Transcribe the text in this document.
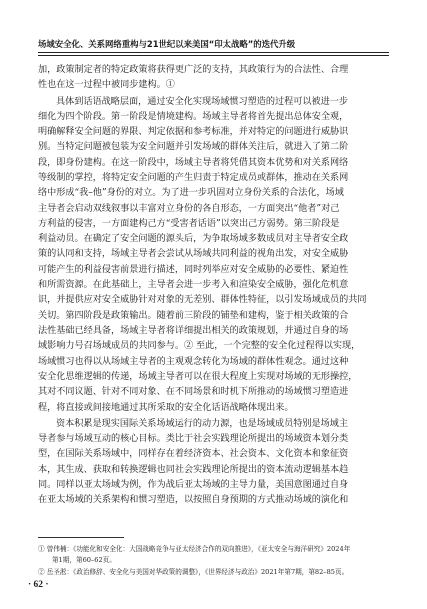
场域安全化、关系网络重构与21世纪以来美国“印太战略”的迭代升级
加，政策制定者的特定政策将获得更广泛的支持，其政策行为的合法性、合理
性也在这一过程中被同步建构。①
具体到话语战略层面，通过安全化实现场域惯习塑造的过程可以被进一步
细化为四个阶段。第一阶段是情境建构。场域主导者将首先提出总体安全观，
明确解释安全问题的界限、判定依据和参考标准，并对特定的问题进行威胁识
别。当特定问题被包装为安全问题并引发场域的群体关注后，就进入了第二阶
段，即身份建构。在这一阶段中，场域主导者将凭借其资本优势和对关系网络
等级制的掌控，将特定安全问题的产生归责于特定成员或群体，推动在关系网
络中形成“我–他”身份的对立。为了进一步巩固对立身份关系的合法化，场域
主导者会启动双线叙事以丰富对立身份的各自形态，一方面突出“他者”对己
方利益的侵害，一方面建构己方“受害者话语”以突出己方弱势。第三阶段是
利益动员。在确定了安全问题的源头后，为争取场域多数成员对主导者安全政
策的认同和支持，场域主导者会尝试从场域共同利益的视角出发，对安全威胁
可能产生的利益侵害前景进行描述，同时列举应对安全威胁的必要性、紧迫性
和所需资源。在此基础上，主导者会进一步考入和渲染安全威胁，强化危机意
识，并提供应对安全威胁针对对象的无差别、群体性特征，以引发场域成员的共同
关切。第四阶段是政策输出。随着前三阶段的铺垫和建构，鉴于相关政策的合
法性基础已经具备，场域主导者将详细提出相关的政策规划，并通过自身的场
域影响力号召场域成员的共同参与。② 至此，一个完整的安全化过程得以实现，
场域惯习也得以从场域主导者的主观观念转化为场域的群体性观念。通过这种
安全化思维逻辑的传递，场域主导者可以在很大程度上实现对场域的无形操控，
其对不同议题、针对不同对象、在不同场景和时机下所推动的场域惯习塑造进
程，将直接或间接地通过其所采取的安全化话语战略体现出来。
资本积累是现实国际关系场域运行的动力源，也是场域成员特别是场域主
导者参与场域互动的核心目标。类比于社会实践理论所提出的场域资本划分类
型，在国际关系场域中，同样存在着经济资本、社会资本、文化资本和象征资
本，其生成、获取和转换逻辑也同社会实践理论所提出的资本流动逻辑基本趋
同。同样以亚太场域为例，作为战后亚太场域的主导力量，美国意图通过自身
在亚太场域的关系架构和惯习塑造，以按照自身预期的方式推动场域的演化和
① 曾伟楠：《功能化和安全化：大国战略竞争与亚太经济合作的双向推进》，《亚太安全与海洋研究》2024年
第1期，第60–62页。
② 岳圣淞：《政治修辞、安全化与美国对华政策的调整》，《世界经济与政治》2021年第7期，第82–85页。
· 62 ·
